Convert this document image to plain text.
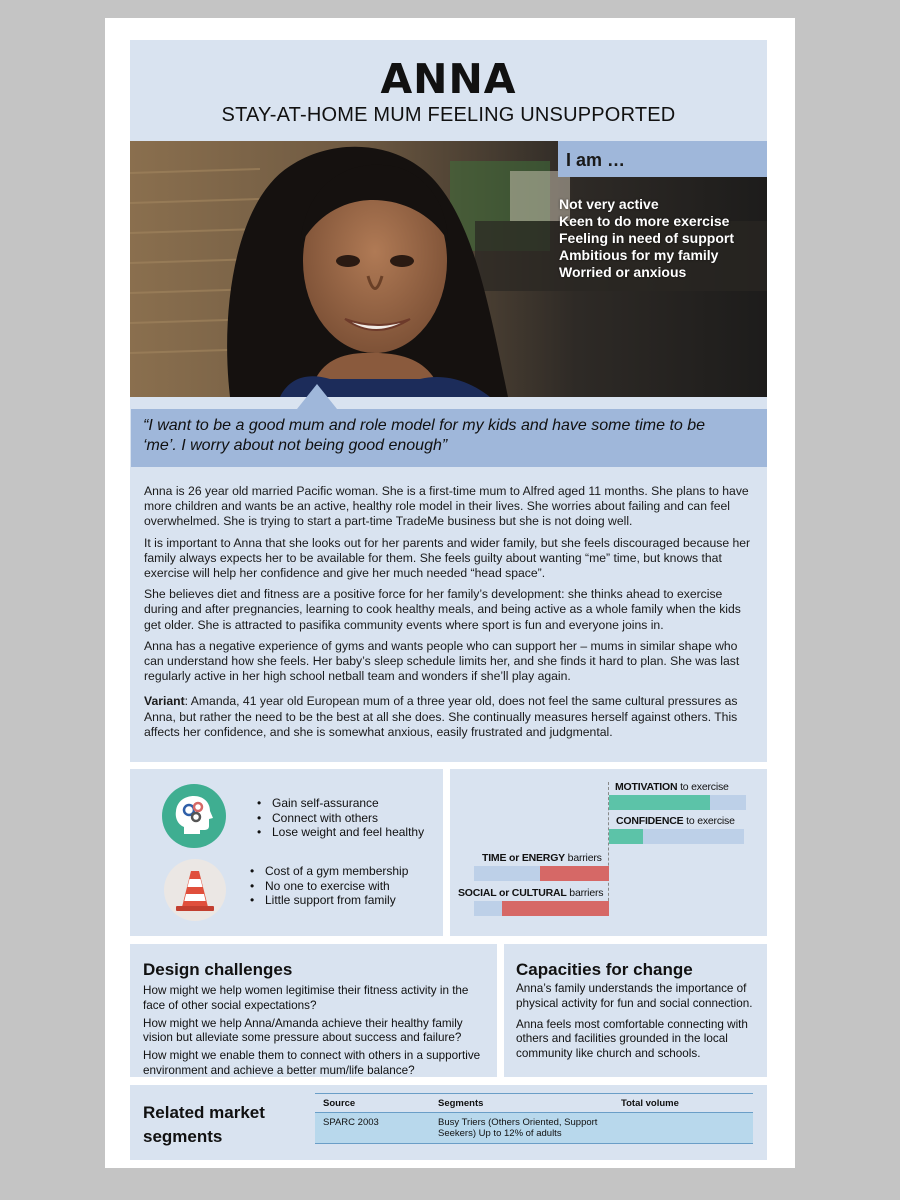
ANNA
STAY-AT-HOME MUM FEELING UNSUPPORTED
I am …
Not very active
Keen to do more exercise
Feeling in need of support
Ambitious for my family
Worried or anxious
“I want to be a good mum and role model for my kids and have some time to be ‘me’. I worry about not being good enough”

Anna is 26 year old married Pacific woman. She is a first-time mum to Alfred aged 11 months. She plans to have more children and wants be an active, healthy role model in their lives. She worries about failing and can feel overwhelmed. She is trying to start a part-time TradeMe business but she is not doing well.

It is important to Anna that she looks out for her parents and wider family, but she feels discouraged because her family always expects her to be available for them. She feels guilty about wanting “me” time, but knows that exercise will help her confidence and give her much needed “head space”.

She believes diet and fitness are a positive force for her family’s development: she thinks ahead to exercise during and after pregnancies, learning to cook healthy meals, and being active as a whole family when the kids get older. She is attracted to pasifika community events where sport is fun and everyone joins in.

Anna has a negative experience of gyms and wants people who can support her – mums in similar shape who can understand how she feels. Her baby’s sleep schedule limits her, and she finds it hard to plan. She was last regularly active in her high school netball team and wonders if she’ll play again.

Variant: Amanda, 41 year old European mum of a three year old, does not feel the same cultural pressures as Anna, but rather the need to be the best at all she does. She continually measures herself against others. This affects her confidence, and she is somewhat anxious, easily frustrated and judgmental.

• Gain self-assurance
• Connect with others
• Lose weight and feel healthy
• Cost of a gym membership
• No one to exercise with
• Little support from family
MOTIVATION to exercise
CONFIDENCE to exercise
TIME or ENERGY barriers
SOCIAL or CULTURAL barriers
Design challenges

How might we help women legitimise their fitness activity in the face of other social expectations?

How might we help Anna/Amanda achieve their healthy family vision but alleviate some pressure about success and failure?

How might we enable them to connect with others in a supportive environment and achieve a better mum/life balance?

Capacities for change

Anna’s family understands the importance of physical activity for fun and social connection.

Anna feels most comfortable connecting with others and facilities grounded in the local community like church and schools.

Related market
segments
Source	Segments	Total volume
SPARC 2003	Busy Triers (Others Oriented, Support Seekers) Up to 12% of adults	
